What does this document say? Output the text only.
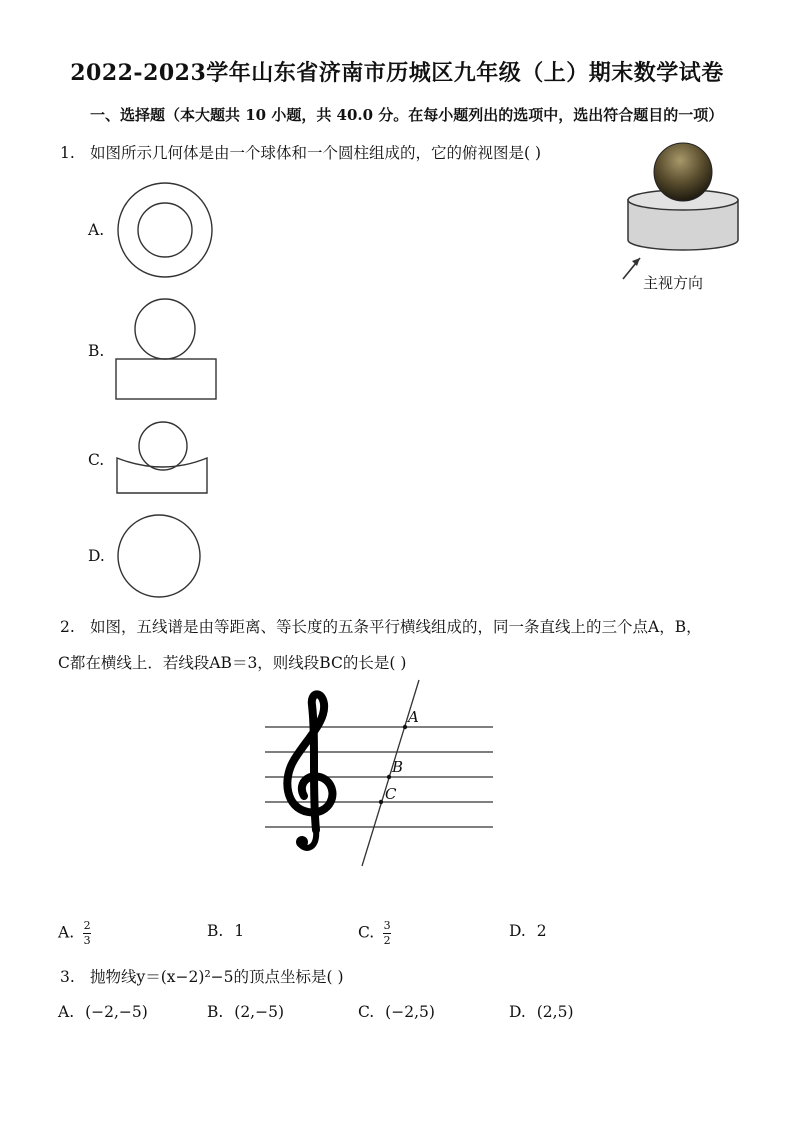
2022-2023学年山东省济南市历城区九年级（上）期末数学试卷
一、选择题（本大题共 10 小题，共 40.0 分。在每小题列出的选项中，选出符合题目的一项）
1. 如图所示几何体是由一个球体和一个圆柱组成的，它的俯视图是( )
主视方向
A.
B.
C.
D.
2. 如图，五线谱是由等距离、等长度的五条平行横线组成的，同一条直线上的三个点A，B，
C都在横线上．若线段AB＝3，则线段BC的长是( )
A
B
C
A. $\frac{2}{3}$	B. 1	C. $\frac{3}{2}$	D. 2
3. 抛物线y＝(x−2)²−5的顶点坐标是( )
A. (−2,−5)	B. (2,−5)	C. (−2,5)	D. (2,5)
